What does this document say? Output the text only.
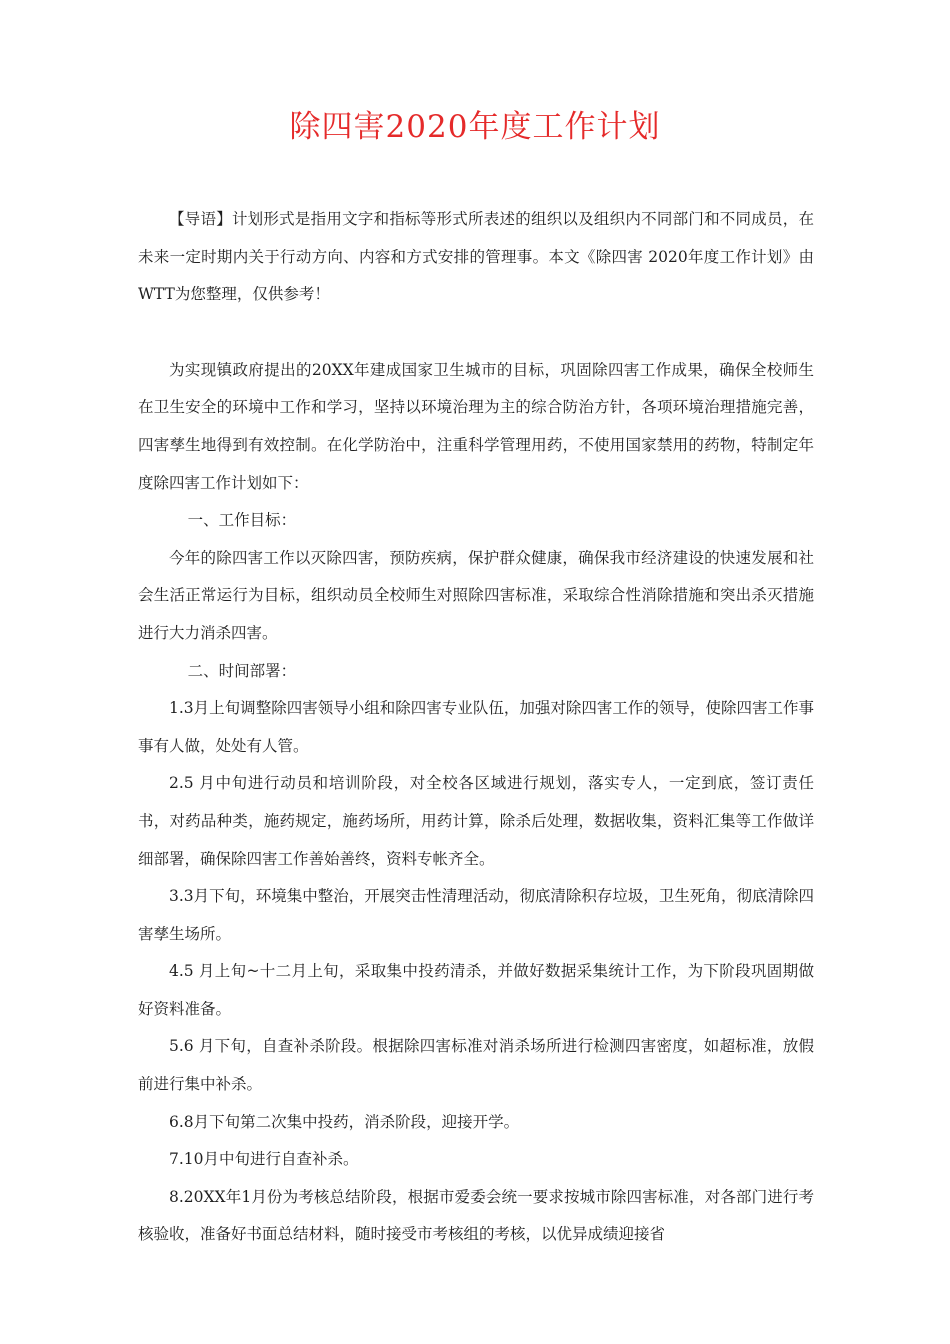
除四害2020年度工作计划

【导语】计划形式是指用文字和指标等形式所表述的组织以及组织内不同部门和不同成员，在未来一定时期内关于行动方向、内容和方式安排的管理事。本文《除四害 2020年度工作计划》由WTT为您整理，仅供参考！

为实现镇政府提出的20XX年建成国家卫生城市的目标，巩固除四害工作成果，确保全校师生在卫生安全的环境中工作和学习，坚持以环境治理为主的综合防治方针，各项环境治理措施完善，四害孳生地得到有效控制。在化学防治中，注重科学管理用药，不使用国家禁用的药物，特制定年度除四害工作计划如下：

一、工作目标：

今年的除四害工作以灭除四害，预防疾病，保护群众健康，确保我市经济建设的快速发展和社会生活正常运行为目标，组织动员全校师生对照除四害标准，采取综合性消除措施和突出杀灭措施进行大力消杀四害。

二、时间部署：

1.3月上旬调整除四害领导小组和除四害专业队伍，加强对除四害工作的领导，使除四害工作事事有人做，处处有人管。

2.5 月中旬进行动员和培训阶段，对全校各区域进行规划，落实专人，一定到底，签订责任书，对药品种类，施药规定，施药场所，用药计算，除杀后处理，数据收集，资料汇集等工作做详细部署，确保除四害工作善始善终，资料专帐齐全。

3.3月下旬，环境集中整治，开展突击性清理活动，彻底清除积存垃圾，卫生死角，彻底清除四害孳生场所。

4.5 月上旬~十二月上旬，采取集中投药清杀，并做好数据采集统计工作，为下阶段巩固期做好资料准备。

5.6 月下旬，自查补杀阶段。根据除四害标准对消杀场所进行检测四害密度，如超标准，放假前进行集中补杀。

6.8月下旬第二次集中投药，消杀阶段，迎接开学。

7.10月中旬进行自查补杀。

8.20XX年1月份为考核总结阶段，根据市爱委会统一要求按城市除四害标准，对各部门进行考核验收，准备好书面总结材料，随时接受市考核组的考核，以优异成绩迎接省
